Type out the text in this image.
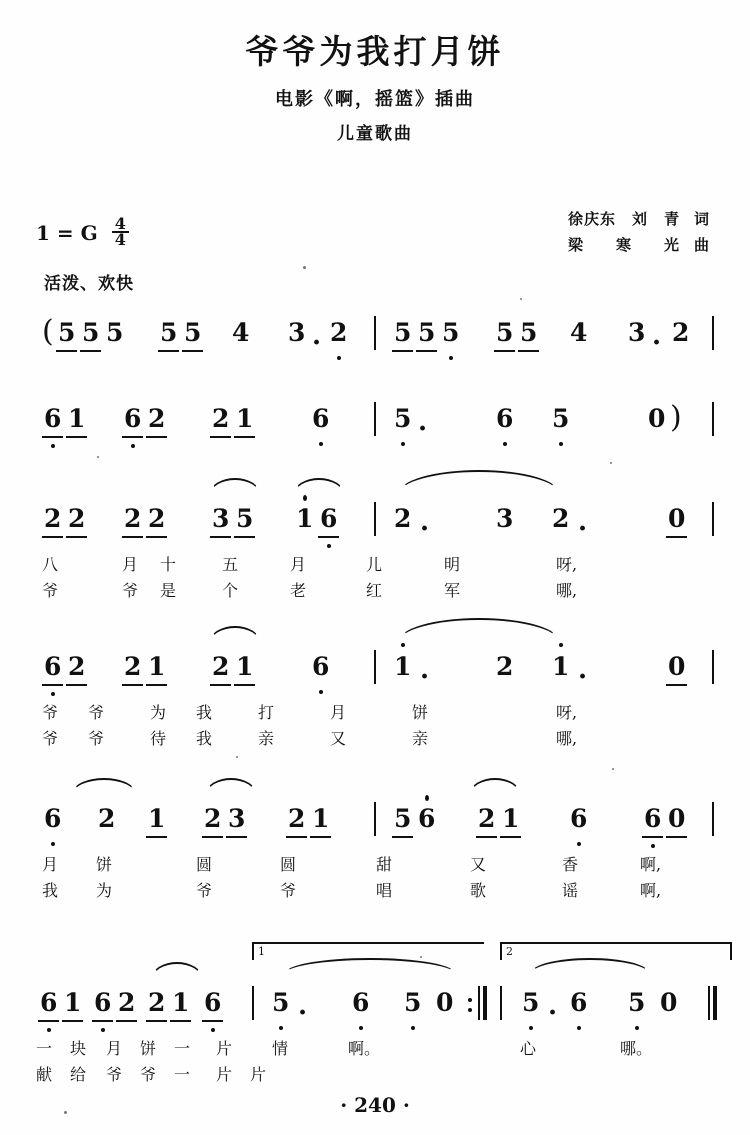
爷爷为我打月饼
电影《啊，摇篮》插曲
儿童歌曲
徐庆东　刘　青 词
梁　　寒　　光 曲
1 = G $\frac{4}{4}$
活泼、欢快
( 5 5 5 5 5 4 3 · 2 5 5 5 5 5 4 3 · 2
6 1 6 2 2 1 6	5 ·	6 5	0 )
2 2 2 2 3 5 1 6 2 ·	3 2 ·	0
八	月 十	五	月	儿	明	呀,
爷	爷 是	个	老	红	军	哪,
6 2 2 1 2 1 6	1 ·	2 1 ·	0
爷 爷	为 我	打	月	饼	呀,
爷 爷	待 我	亲	又	亲	哪,
6 2 1 2 3 2 1	5 6 2 1 6 6 0
月 饼	圆	圆	甜	又	香	啊,
我 为	爷	爷	唱	歌	谣	啊,
1	2
6 1 6 2 2 1 6 5 · 6 5 0	5 · 6 5 0
一 块 月 饼 一 片 情	啊。	心	哪。
献 给 爷 爷 一 片 片
· 240 ·
